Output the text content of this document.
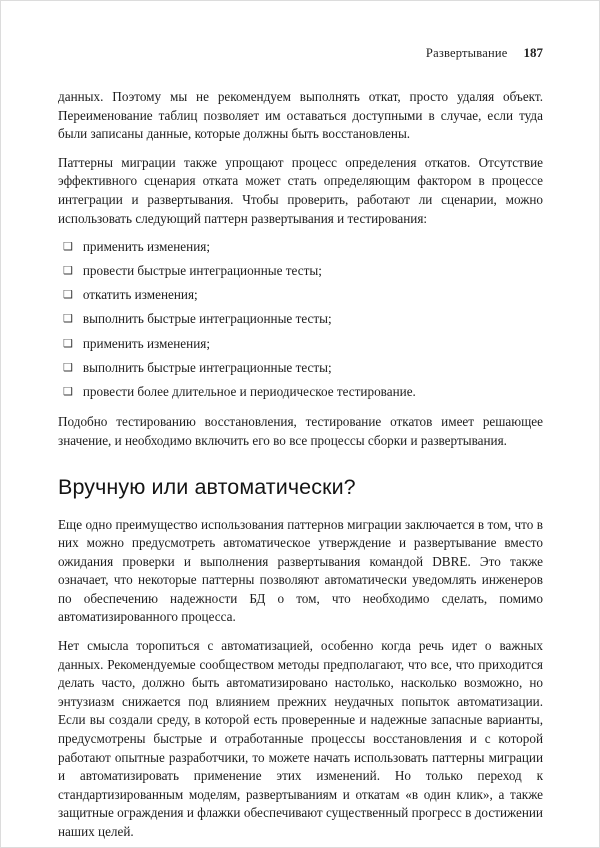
Развертывание 187

данных. Поэтому мы не рекомендуем выполнять откат, просто удаляя объект. Переименование таблиц позволяет им оставаться доступными в случае, если туда были записаны данные, которые должны быть восстановлены.

Паттерны миграции также упрощают процесс определения откатов. Отсутствие эффективного сценария отката может стать определяющим фактором в процессе интеграции и развертывания. Чтобы проверить, работают ли сценарии, можно использовать следующий паттерн развертывания и тестирования:

❑ применить изменения;
❑ провести быстрые интеграционные тесты;
❑ откатить изменения;
❑ выполнить быстрые интеграционные тесты;
❑ применить изменения;
❑ выполнить быстрые интеграционные тесты;
❑ провести более длительное и периодическое тестирование.

Подобно тестированию восстановления, тестирование откатов имеет решающее значение, и необходимо включить его во все процессы сборки и развертывания.

Вручную или автоматически?

Еще одно преимущество использования паттернов миграции заключается в том, что в них можно предусмотреть автоматическое утверждение и развертывание вместо ожидания проверки и выполнения развертывания командой DBRE. Это также означает, что некоторые паттерны позволяют автоматически уведомлять инженеров по обеспечению надежности БД о том, что необходимо сделать, помимо автоматизированного процесса.

Нет смысла торопиться с автоматизацией, особенно когда речь идет о важных данных. Рекомендуемые сообществом методы предполагают, что все, что приходится делать часто, должно быть автоматизировано настолько, насколько возможно, но энтузиазм снижается под влиянием прежних неудачных попыток автоматизации. Если вы создали среду, в которой есть проверенные и надежные запасные варианты, предусмотрены быстрые и отработанные процессы восстановления и с которой работают опытные разработчики, то можете начать использовать паттерны миграции и автоматизировать применение этих изменений. Но только переход к стандартизированным моделям, развертываниям и откатам «в один клик», а также защитные ограждения и флажки обеспечивают существенный прогресс в достижении наших целей.
